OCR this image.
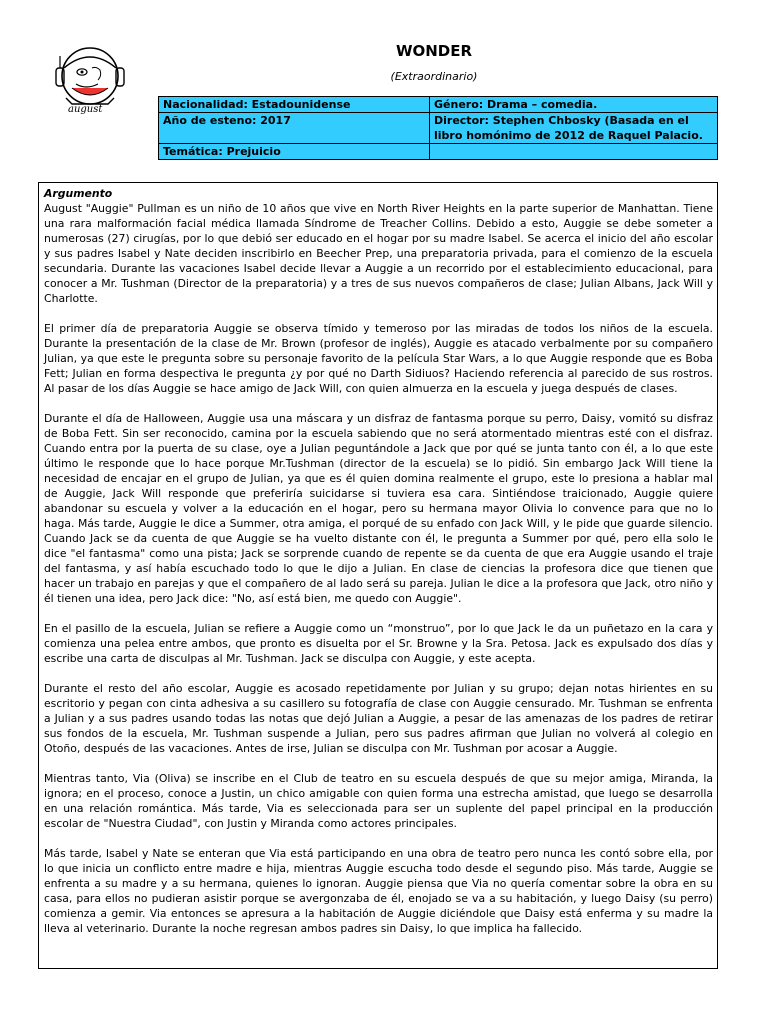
august
WONDER
(Extraordinario)
Nacionalidad: Estadounidense	Género: Drama – comedia.
Año de esteno: 2017	Director: Stephen Chbosky (Basada en el libro homónimo de 2012 de Raquel Palacio.
Temática: Prejuicio	
Argumento

August "Auggie" Pullman es un niño de 10 años que vive en North River Heights en la parte superior de Manhattan. Tiene una rara malformación facial médica llamada Síndrome de Treacher Collins. Debido a esto, Auggie se debe someter a numerosas (27) cirugías, por lo que debió ser educado en el hogar por su madre Isabel. Se acerca el inicio del año escolar y sus padres Isabel y Nate deciden inscribirlo en Beecher Prep, una preparatoria privada, para el comienzo de la escuela secundaria. Durante las vacaciones Isabel decide llevar a Auggie a un recorrido por el establecimiento educacional, para conocer a Mr. Tushman (Director de la preparatoria) y a tres de sus nuevos compañeros de clase; Julian Albans, Jack Will y Charlotte.

El primer día de preparatoria Auggie se observa tímido y temeroso por las miradas de todos los niños de la escuela. Durante la presentación de la clase de Mr. Brown (profesor de inglés), Auggie es atacado verbalmente por su compañero Julian, ya que este le pregunta sobre su personaje favorito de la película Star Wars, a lo que Auggie responde que es Boba Fett; Julian en forma despectiva le pregunta ¿y por qué no Darth Sidiuos? Haciendo referencia al parecido de sus rostros. Al pasar de los días Auggie se hace amigo de Jack Will, con quien almuerza en la escuela y juega después de clases.

Durante el día de Halloween, Auggie usa una máscara y un disfraz de fantasma porque su perro, Daisy, vomitó su disfraz de Boba Fett. Sin ser reconocido, camina por la escuela sabiendo que no será atormentado mientras esté con el disfraz. Cuando entra por la puerta de su clase, oye a Julian peguntándole a Jack que por qué se junta tanto con él, a lo que este último le responde que lo hace porque Mr.Tushman (director de la escuela) se lo pidió. Sin embargo Jack Will tiene la necesidad de encajar en el grupo de Julian, ya que es él quien domina realmente el grupo, este lo presiona a hablar mal de Auggie, Jack Will responde que preferiría suicidarse si tuviera esa cara. Sintiéndose traicionado, Auggie quiere abandonar su escuela y volver a la educación en el hogar, pero su hermana mayor Olivia lo convence para que no lo haga. Más tarde, Auggie le dice a Summer, otra amiga, el porqué de su enfado con Jack Will, y le pide que guarde silencio. Cuando Jack se da cuenta de que Auggie se ha vuelto distante con él, le pregunta a Summer por qué, pero ella solo le dice "el fantasma" como una pista; Jack se sorprende cuando de repente se da cuenta de que era Auggie usando el traje del fantasma, y así había escuchado todo lo que le dijo a Julian. En clase de ciencias la profesora dice que tienen que hacer un trabajo en parejas y que el compañero de al lado será su pareja. Julian le dice a la profesora que Jack, otro niño y él tienen una idea, pero Jack dice: "No, así está bien, me quedo con Auggie".

En el pasillo de la escuela, Julian se refiere a Auggie como un “monstruo”, por lo que Jack le da un puñetazo en la cara y comienza una pelea entre ambos, que pronto es disuelta por el Sr. Browne y la Sra. Petosa. Jack es expulsado dos días y escribe una carta de disculpas al Mr. Tushman. Jack se disculpa con Auggie, y este acepta.

Durante el resto del año escolar, Auggie es acosado repetidamente por Julian y su grupo; dejan notas hirientes en su escritorio y pegan con cinta adhesiva a su casillero su fotografía de clase con Auggie censurado. Mr. Tushman se enfrenta a Julian y a sus padres usando todas las notas que dejó Julian a Auggie, a pesar de las amenazas de los padres de retirar sus fondos de la escuela, Mr. Tushman suspende a Julian, pero sus padres afirman que Julian no volverá al colegio en Otoño, después de las vacaciones. Antes de irse, Julian se disculpa con Mr. Tushman por acosar a Auggie.

Mientras tanto, Via (Oliva) se inscribe en el Club de teatro en su escuela después de que su mejor amiga, Miranda, la ignora; en el proceso, conoce a Justin, un chico amigable con quien forma una estrecha amistad, que luego se desarrolla en una relación romántica. Más tarde, Via es seleccionada para ser un suplente del papel principal en la producción escolar de "Nuestra Ciudad", con Justin y Miranda como actores principales.

Más tarde, Isabel y Nate se enteran que Via está participando en una obra de teatro pero nunca les contó sobre ella, por lo que inicia un conflicto entre madre e hija, mientras Auggie escucha todo desde el segundo piso. Más tarde, Auggie se enfrenta a su madre y a su hermana, quienes lo ignoran. Auggie piensa que Via no quería comentar sobre la obra en su casa, para ellos no pudieran asistir porque se avergonzaba de él, enojado se va a su habitación, y luego Daisy (su perro) comienza a gemir. Via entonces se apresura a la habitación de Auggie diciéndole que Daisy está enferma y su madre la lleva al veterinario. Durante la noche regresan ambos padres sin Daisy, lo que implica ha fallecido.
